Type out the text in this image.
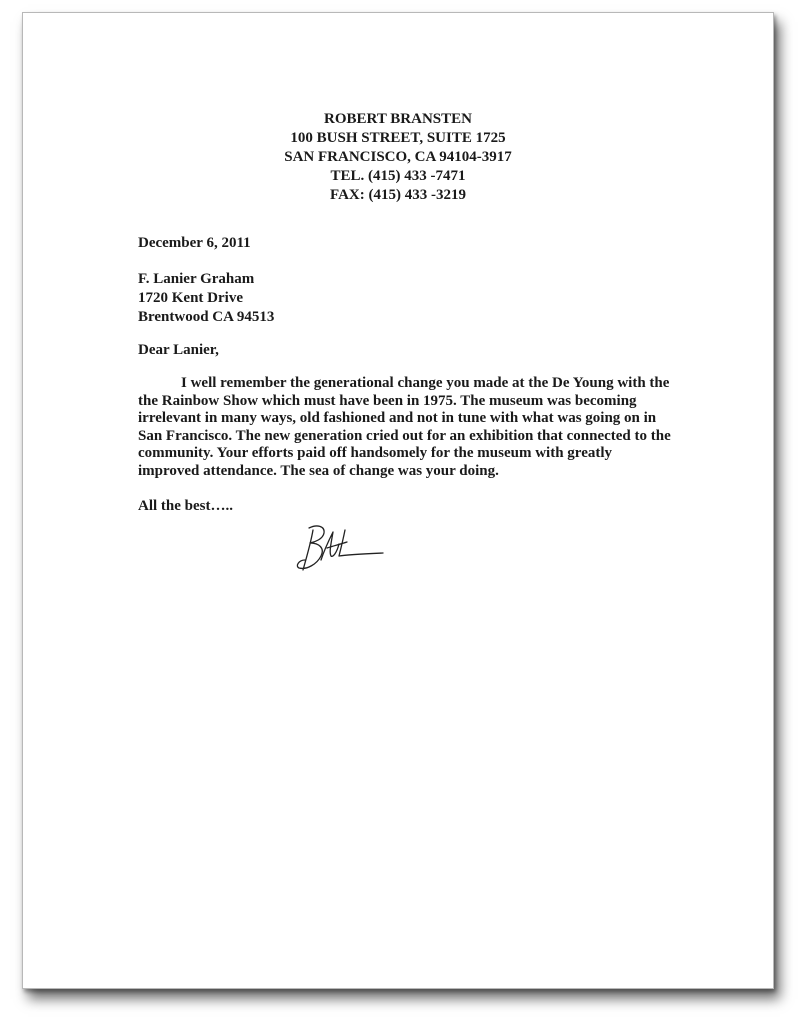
ROBERT BRANSTEN
100 BUSH STREET, SUITE 1725
SAN FRANCISCO, CA 94104-3917
TEL. (415) 433 -7471
FAX: (415) 433 -3219
December 6, 2011
F. Lanier Graham
1720 Kent Drive
Brentwood CA 94513
Dear Lanier,
I well remember the generational change you made at the De Young with the
the Rainbow Show which must have been in 1975. The museum was becoming
irrelevant in many ways, old fashioned and not in tune with what was going on in
San Francisco. The new generation cried out for an exhibition that connected to the
community. Your efforts paid off handsomely for the museum with greatly
improved attendance. The sea of change was your doing.
All the best…..
